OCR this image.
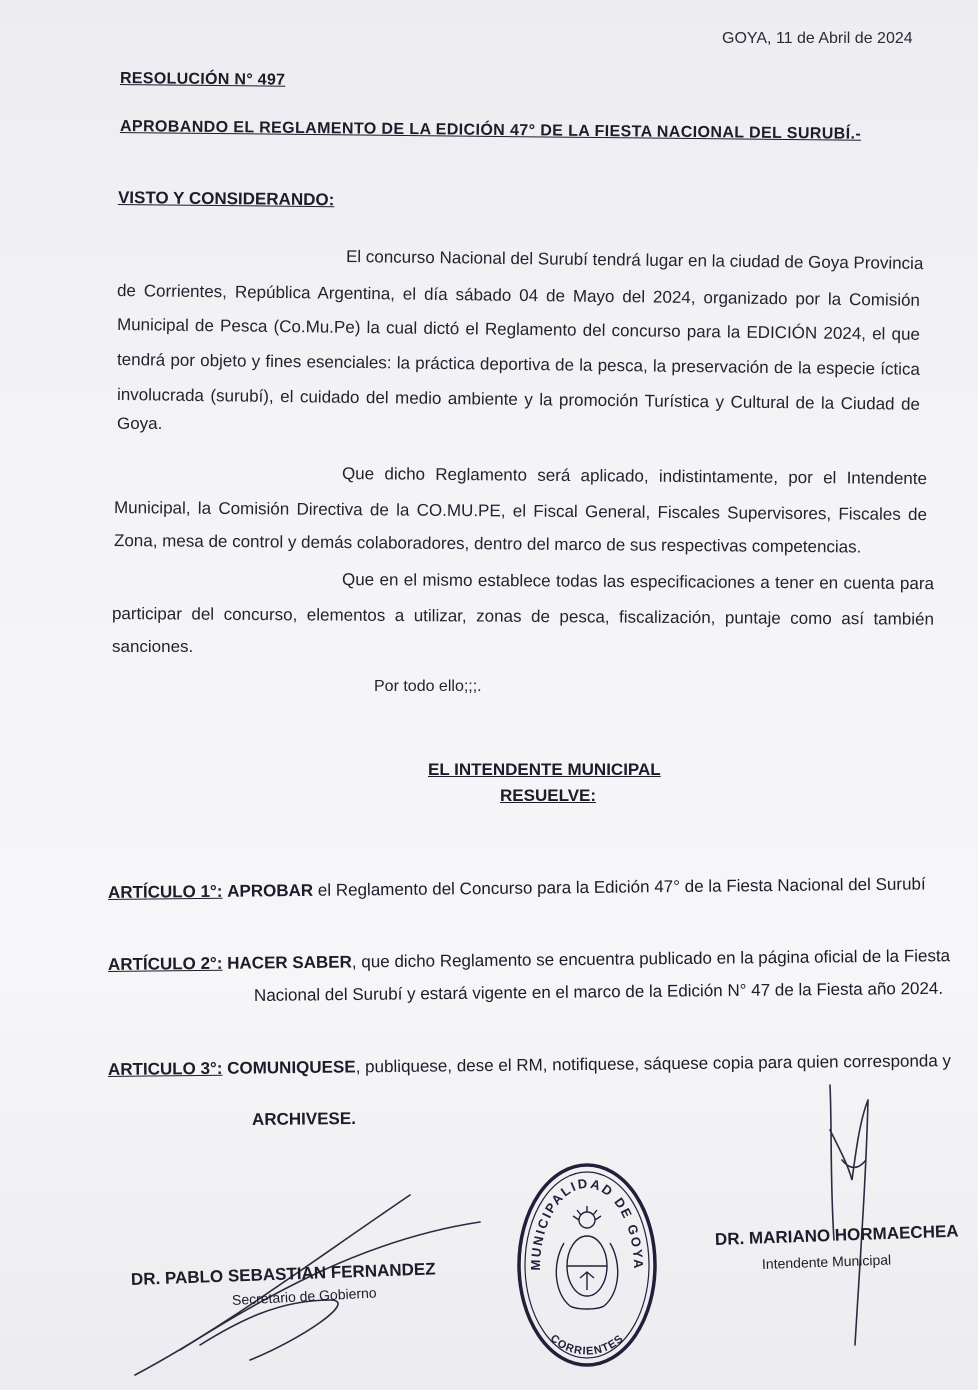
GOYA, 11 de Abril de 2024
RESOLUCIÓN N° 497
APROBANDO EL REGLAMENTO DE LA EDICIÓN 47° DE LA FIESTA NACIONAL DEL SURUBÍ.-
VISTO Y CONSIDERANDO:
El concurso Nacional del Surubí tendrá lugar en la ciudad de Goya Provincia
de Corrientes, República Argentina, el día sábado 04 de Mayo del 2024, organizado por la Comisión
Municipal de Pesca (Co.Mu.Pe) la cual dictó el Reglamento del concurso para la EDICIÓN 2024, el que
tendrá por objeto y fines esenciales: la práctica deportiva de la pesca, la preservación de la especie íctica
involucrada (surubí), el cuidado del medio ambiente y la promoción Turística y Cultural de la Ciudad de
Goya.
Que dicho Reglamento será aplicado, indistintamente, por el Intendente
Municipal, la Comisión Directiva de la CO.MU.PE, el Fiscal General, Fiscales Supervisores, Fiscales de
Zona, mesa de control y demás colaboradores, dentro del marco de sus respectivas competencias.
Que en el mismo establece todas las especificaciones a tener en cuenta para
participar del concurso, elementos a utilizar, zonas de pesca, fiscalización, puntaje como así también
sanciones.
Por todo ello;;;.
EL INTENDENTE MUNICIPAL
RESUELVE:
ARTÍCULO 1°: APROBAR el Reglamento del Concurso para la Edición 47° de la Fiesta Nacional del Surubí
ARTÍCULO 2°: HACER SABER, que dicho Reglamento se encuentra publicado en la página oficial de la Fiesta
Nacional del Surubí y estará vigente en el marco de la Edición N° 47 de la Fiesta año 2024.
ARTICULO 3°: COMUNIQUESE, publiquese, dese el RM, notifiquese, sáquese copia para quien corresponda y
ARCHIVESE.
DR. PABLO SEBASTIAN FERNANDEZ
Secretario de Gobierno
MUNICIPALIDAD DE GOYA
CORRIENTES
DR. MARIANO HORMAECHEA
Intendente Municipal
